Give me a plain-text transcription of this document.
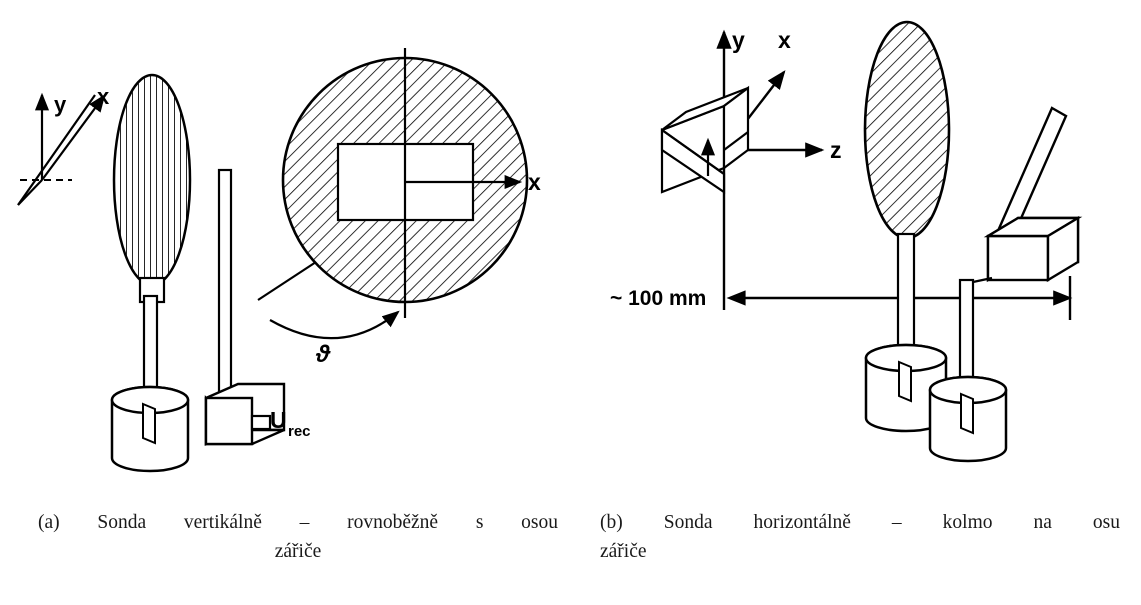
y x
U rec
x
ϑ
y x
z
~ 100 mm
(a) Sonda vertikálně – rovnoběžně s osou
zářiče
(b) Sonda horizontálně – kolmo na osu
zářiče
